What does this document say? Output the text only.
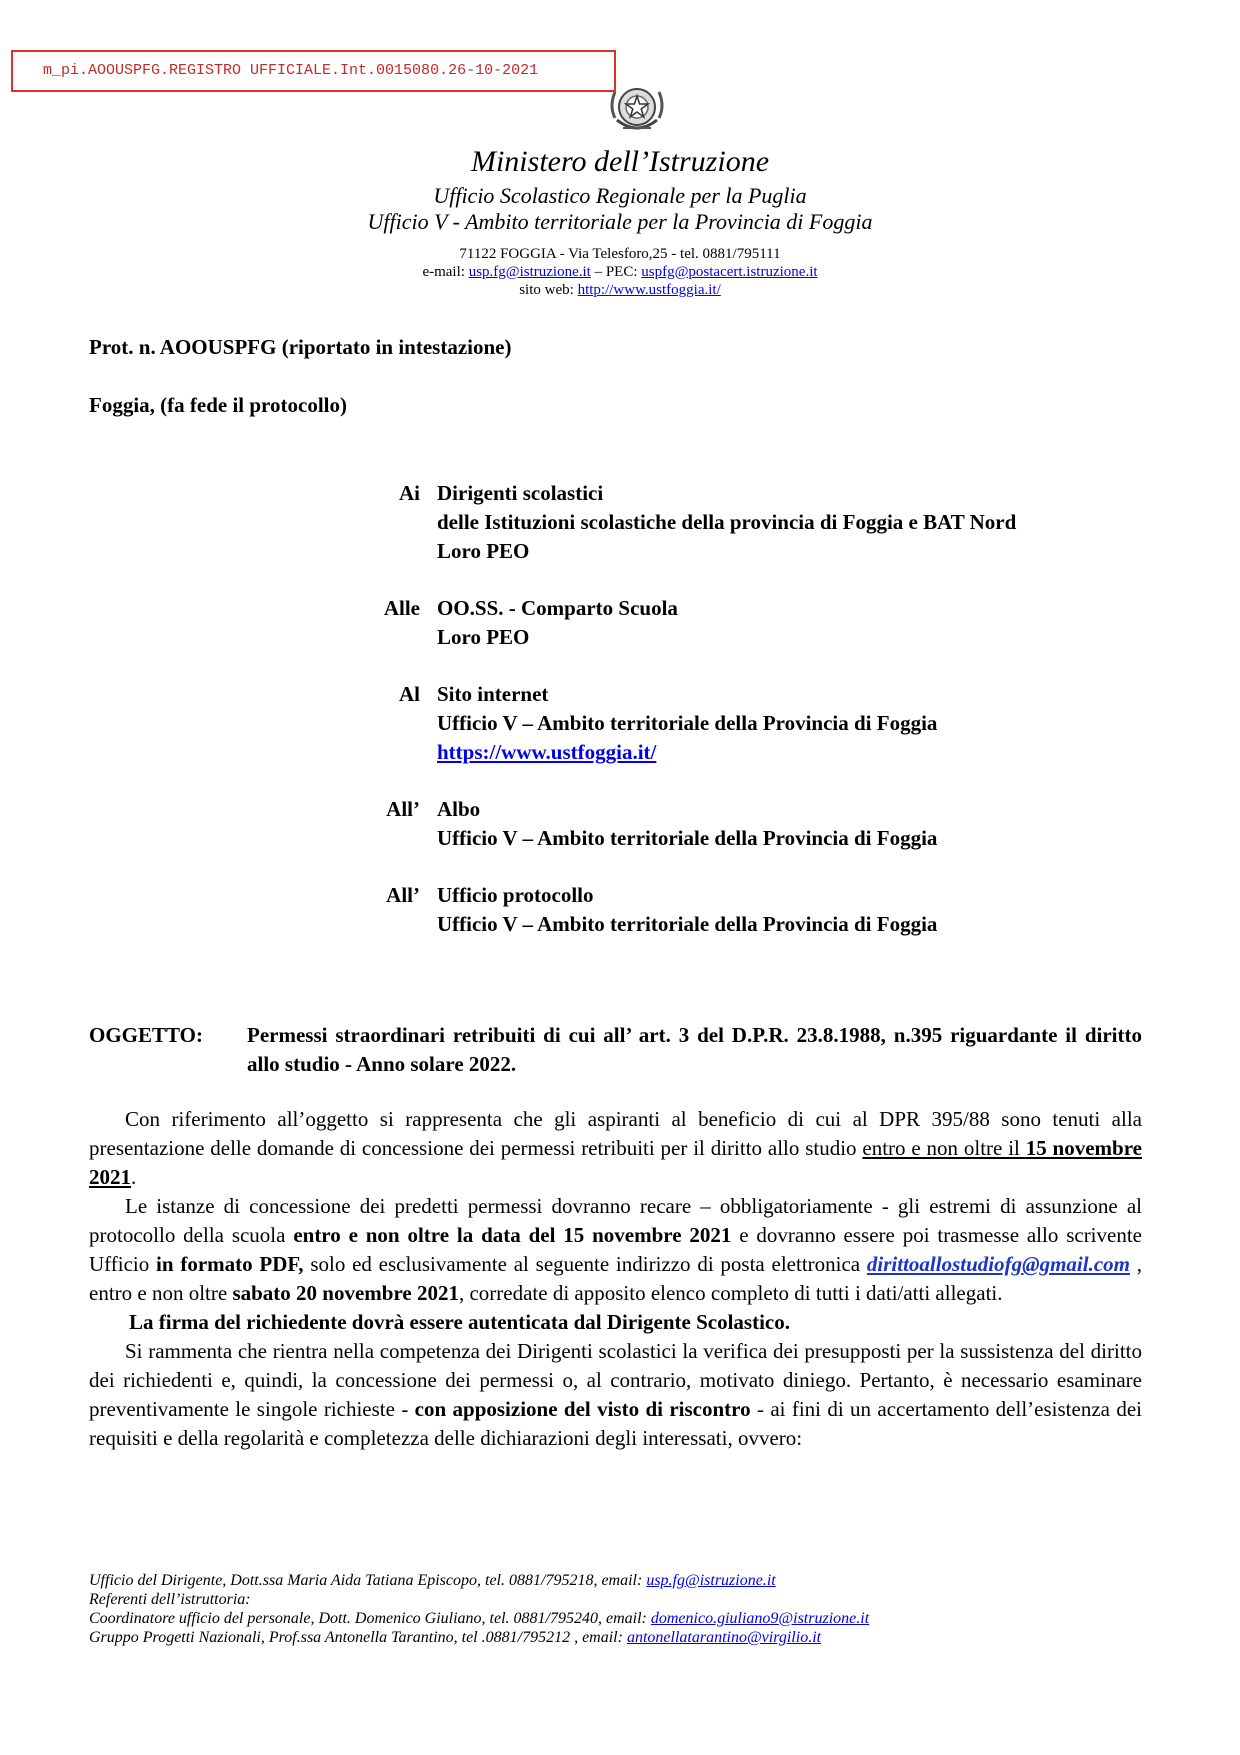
m_pi.AOOUSPFG.REGISTRO UFFICIALE.Int.0015080.26-10-2021
Ministero dell’Istruzione
Ufficio Scolastico Regionale per la Puglia
Ufficio V - Ambito territoriale per la Provincia di Foggia
71122 FOGGIA - Via Telesforo,25 - tel. 0881/795111
e-mail: usp.fg@istruzione.it – PEC: uspfg@postacert.istruzione.it
sito web: http://www.ustfoggia.it/
Prot. n. AOOUSPFG (riportato in intestazione)
Foggia, (fa fede il protocollo)
Ai Dirigenti scolastici
delle Istituzioni scolastiche della provincia di Foggia e BAT Nord
Loro PEO
Alle OO.SS. - Comparto Scuola
Loro PEO
Al Sito internet
Ufficio V – Ambito territoriale della Provincia di Foggia
https://www.ustfoggia.it/
All’ Albo
Ufficio V – Ambito territoriale della Provincia di Foggia
All’ Ufficio protocollo
Ufficio V – Ambito territoriale della Provincia di Foggia
OGGETTO: Permessi straordinari retribuiti di cui all’ art. 3 del D.P.R. 23.8.1988, n.395 riguardante il diritto allo studio - Anno solare 2022.

Con riferimento all’oggetto si rappresenta che gli aspiranti al beneficio di cui al DPR 395/88 sono tenuti alla presentazione delle domande di concessione dei permessi retribuiti per il diritto allo studio entro e non oltre il 15 novembre 2021.

Le istanze di concessione dei predetti permessi dovranno recare – obbligatoriamente - gli estremi di assunzione al protocollo della scuola entro e non oltre la data del 15 novembre 2021 e dovranno essere poi trasmesse allo scrivente Ufficio in formato PDF, solo ed esclusivamente al seguente indirizzo di posta elettronica dirittoallostudiofg@gmail.com , entro e non oltre sabato 20 novembre 2021, corredate di apposito elenco completo di tutti i dati/atti allegati.

La firma del richiedente dovrà essere autenticata dal Dirigente Scolastico.

Si rammenta che rientra nella competenza dei Dirigenti scolastici la verifica dei presupposti per la sussistenza del diritto dei richiedenti e, quindi, la concessione dei permessi o, al contrario, motivato diniego. Pertanto, è necessario esaminare preventivamente le singole richieste - con apposizione del visto di riscontro - ai fini di un accertamento dell’esistenza dei requisiti e della regolarità e completezza delle dichiarazioni degli interessati, ovvero:

Ufficio del Dirigente, Dott.ssa Maria Aida Tatiana Episcopo, tel. 0881/795218, email: usp.fg@istruzione.it
Referenti dell’istruttoria:
Coordinatore ufficio del personale, Dott. Domenico Giuliano, tel. 0881/795240, email: domenico.giuliano9@istruzione.it
Gruppo Progetti Nazionali, Prof.ssa Antonella Tarantino, tel .0881/795212 , email: antonellatarantino@virgilio.it
